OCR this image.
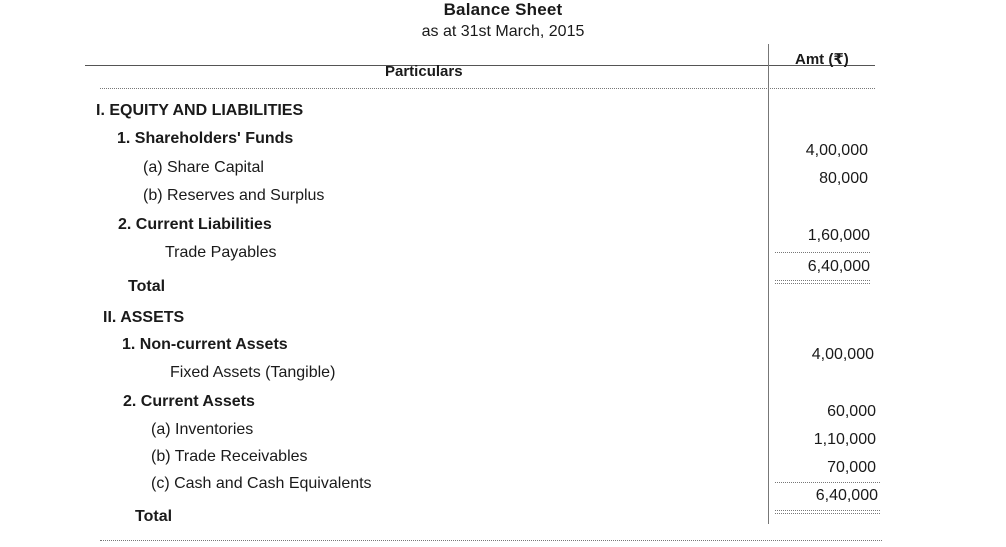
Balance Sheet
as at 31st March, 2015
Particulars
Amt (₹)
I. EQUITY AND LIABILITIES
1. Shareholders' Funds
(a) Share Capital
(b) Reserves and Surplus
2. Current Liabilities
Trade Payables
Total
4,00,000
80,000
1,60,000
6,40,000
II. ASSETS
1. Non-current Assets
Fixed Assets (Tangible)
2. Current Assets
(a) Inventories
(b) Trade Receivables
(c) Cash and Cash Equivalents
Total
4,00,000
60,000
1,10,000
70,000
6,40,000
